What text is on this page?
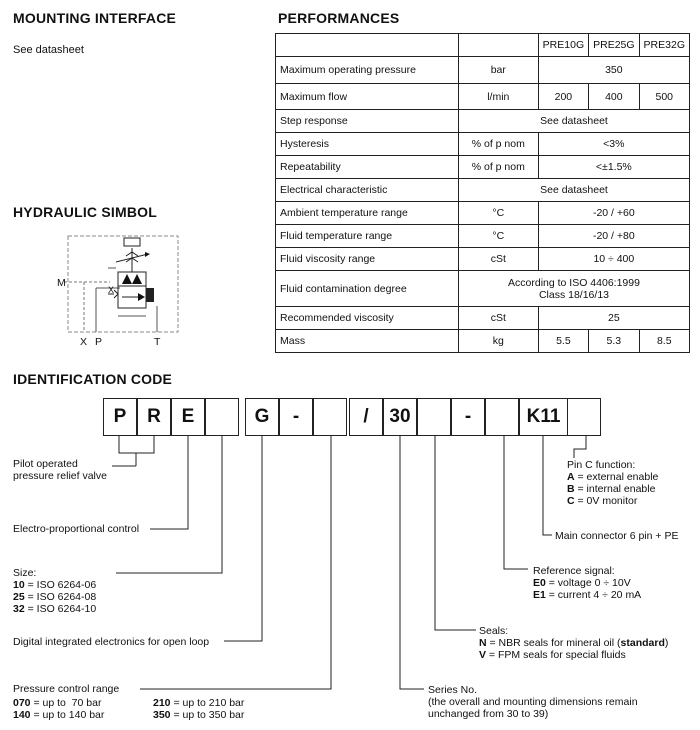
MOUNTING INTERFACE
See datasheet
HYDRAULIC SIMBOL
PERFORMANCES
IDENTIFICATION CODE
M
X
X P	T
		PRE10G	PRE25G	PRE32G
Maximum operating pressure	bar	350		
Maximum flow	l/min	200	400	500
Step response	See datasheet			
Hysteresis	% of p nom	<3%		
Repeatability	% of p nom	<±1.5%		
Electrical characteristic	See datasheet			
Ambient temperature range	°C	-20 / +60		
Fluid temperature range	°C	-20 / +80		
Fluid viscosity range	cSt	10 ÷ 400		
Fluid contamination degree	According to ISO 4406:1999
Class 18/16/13			

Recommended viscosity	cSt	25		
Mass	kg	5.5	5.3	8.5
P	R	E	G	-	/	30	-	K11
Pilot operated
pressure relief valve
Electro-proportional control
Size:
10 = ISO 6264-06
25 = ISO 6264-08
32 = ISO 6264-10
Digital integrated electronics for open loop
Pressure control range
070 = up to  70 bar
140 = up to 140 bar
210 = up to 210 bar
350 = up to 350 bar
Pin C function:
A = external enable
B = internal enable
C = 0V monitor
Main connector 6 pin + PE
Reference signal:
E0 = voltage 0 ÷ 10V
E1 = current 4 ÷ 20 mA
Seals:
N = NBR seals for mineral oil (standard)
V = FPM seals for special fluids
Series No.
(the overall and mounting dimensions remain
unchanged from 30 to 39)
